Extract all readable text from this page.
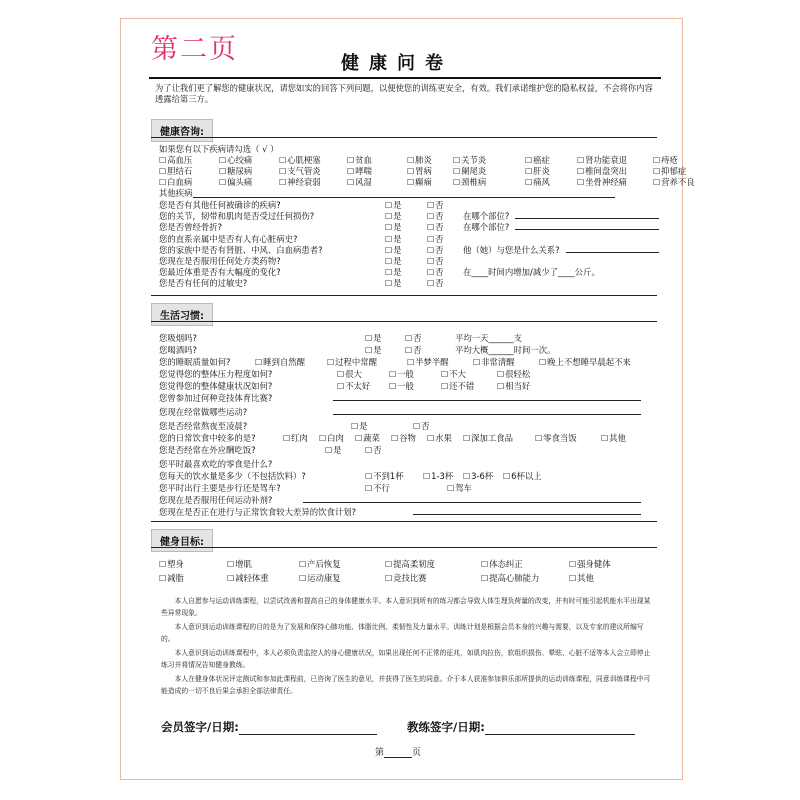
第二页	健康问卷
为了让我们更了解您的健康状况，请您如实的回答下列问题，以便使您的训练更安全，有效。我们承诺维护您的隐私权益，不会将你内容透露给第三方。
健康咨询:
如果您有以下疾病请勾选（ √ ）
☐ 高血压	☐ 心绞痛	☐ 心肌梗塞	☐ 贫血	☐ 肺炎	☐ 关节炎	☐ 癌症	☐ 肾功能衰退	☐ 痔疮
☐ 胆结石	☐ 糖尿病	☐ 支气管炎	☐ 哮喘	☐ 胃病	☐ 阑尾炎	☐ 肝炎	☐ 椎间盘突出	☐ 抑郁症
☐ 白血病	☐ 偏头痛	☐ 神经衰弱	☐ 风湿	☐ 癫痫	☐ 颈椎病	☐ 痛风	☐ 坐骨神经痛	☐ 营养不良
其他疾病
您是否有其他任何被确诊的疾病?	☐ 是	☐ 否
您的关节，韧带和肌肉是否受过任何损伤?	☐ 是	☐ 否 在哪个部位?
您是否曾经骨折?	☐ 是	☐ 否 在哪个部位?
您的直系亲属中是否有人有心脏病史?	☐ 是	☐ 否
您的家族中是否有肾脏、中风、白血病患者?	☐ 是	☐ 否 他（她）与您是什么关系?
您现在是否服用任何处方类药物?	☐ 是	☐ 否
您最近体重是否有大幅度的变化?	☐ 是	☐ 否 在____时间内增加/减少了____公斤。
您是否有任何的过敏史?	☐ 是	☐ 否
生活习惯:
您吸烟吗?	☐ 是	☐ 否	平均一天______支
您喝酒吗?	☐ 是	☐ 否	平均大概______时间一次。
您的睡眠质量如何?	☐ 睡到自然醒	☐ 过程中常醒	☐ 半梦半醒	☐ 非常清醒	☐ 晚上不想睡早晨起不来
您觉得您的整体压力程度如何?	☐ 很大	☐ 一般	☐ 不大	☐ 很轻松
您觉得您的整体健康状况如何?	☐ 不太好	☐ 一般	☐ 还不错	☐ 相当好
您曾参加过何种竞技体育比赛?
您现在经常做哪些运动?
您是否经常熬夜至凌晨?	☐ 是	☐ 否
您的日常饮食中较多的是?	☐ 红肉	☐ 白肉	☐ 蔬菜	☐ 谷物	☐ 水果	☐ 深加工食品	☐ 零食当饭	☐ 其他
您是否经常在外应酬吃饭?	☐ 是	☐ 否
您平时最喜欢吃的零食是什么?
您每天的饮水量是多少（不包括饮料）?	☐ 不到1杯	☐ 1-3杯	☐ 3-6杯	☐ 6杯以上
您平时出行主要是步行还是驾车?	☐ 不行	☐ 驾车
您现在是否服用任何运动补剂?
您现在是否正在进行与正常饮食较大差异的饮食计划?
健身目标:
☐ 塑身	☐ 增肌	☐ 产后恢复	☐ 提高柔韧度	☐ 体态纠正	☐ 强身健体
☐ 减脂	☐ 减轻体重	☐ 运动康复	☐ 竞技比赛	☐ 提高心肺能力	☐ 其他
本人自愿参与运动训练课程，以尝试改善和提高自己的身体健康水平。本人意识到所有的练习都会导致人体生理负荷量的改变，并有时可能引起机能水平出现某些异常现象。
本人意识到运动训练课程的目的是为了发展和保持心肺功能、体脂比例、柔韧性及力量水平。训练计划是根据会员本身的兴趣与需要，以及专家的建议所编写的。
本人意识到运动训练课程中，本人必须负责监控人的身心健康状况，如果出现任何不正常的征兆，如肌肉拉伤，软组织损伤、晕眩、心脏不适等本人会立即停止练习并将情况告知健身教练。
本人在健身体状况评定测试和参加此课程前，已咨询了医生的意见，并获得了医生的同意。介于本人获准参加俱乐部所提供的运动训练课程，同意训练课程中可能造成的一切不良后果会承担全部法律责任。
会员签字/日期:	教练签字/日期:
第	页
